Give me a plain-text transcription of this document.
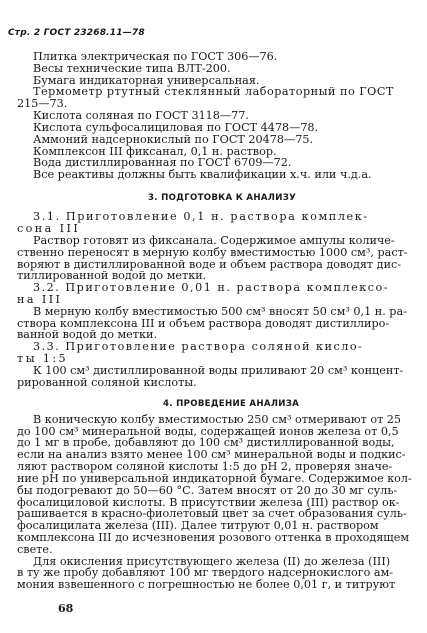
Стр. 2 ГОСТ 23268.11—78
Плитка электрическая по ГОСТ 306—76.
Весы технические типа ВЛТ-200.
Бумага индикаторная универсальная.
Термометр ртутный стеклянный лабораторный по ГОСТ
215—73.
Кислота соляная по ГОСТ 3118—77.
Кислота сульфосалициловая по ГОСТ 4478—78.
Аммоний надсернокислый по ГОСТ 20478—75.
Комплексон III фиксанал, 0,1 н. раствор.
Вода дистиллированная по ГОСТ 6709—72.
Все реактивы должны быть квалификации х.ч. или ч.д.а.
3. ПОДГОТОВКА К АНАЛИЗУ
3.1. Приготовление 0,1 н. раствора комплек-
сона III
Раствор готовят из фиксанала. Содержимое ампулы количе-
ственно переносят в мерную колбу вместимостью 1000 см³, раст-
воряют в дистиллированной воде и объем раствора доводят дис-
тиллированной водой до метки.
3.2. Приготовление 0,01 н. раствора комплексо-
на III
В мерную колбу вместимостью 500 см³ вносят 50 см³ 0,1 н. ра-
створа комплексона III и объем раствора доводят дистиллиро-
ванной водой до метки.
3.3. Приготовление раствора соляной кисло-
ты 1:5
К 100 см³ дистиллированной воды приливают 20 см³ концент-
рированной соляной кислоты.
4. ПРОВЕДЕНИЕ АНАЛИЗА
В коническую колбу вместимостью 250 см³ отмеривают от 25
до 100 см³ минеральной воды, содержащей ионов железа от 0,5
до 1 мг в пробе, добавляют до 100 см³ дистиллированной воды,
если на анализ взято менее 100 см³ минеральной воды и подкис-
ляют раствором соляной кислоты 1:5 до pH 2, проверяя значе-
ние pH по универсальной индикаторной бумаге. Содержимое кол-
бы подогревают до 50—60 °С. Затем вносят от 20 до 30 мг суль-
фосалициловой кислоты. В присутствии железа (III) раствор ок-
рашивается в красно-фиолетовый цвет за счет образования суль-
фосалицилата железа (III). Далее титруют 0,01 н. раствором
комплексона III до исчезновения розового оттенка в проходящем
свете.
Для окисления присутствующего железа (II) до железа (III)
в ту же пробу добавляют 100 мг твердого надсернокислого ам-
мония взвешенного с погрешностью не более 0,01 г, и титруют
68
